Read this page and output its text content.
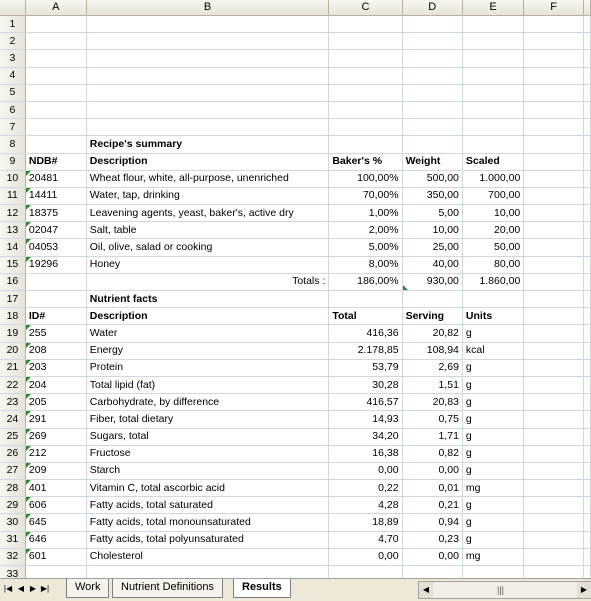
	A	B	C	D	E	F	
1							
2							
3							
4							
5							
6							
7							
8		Recipe's summary					
9	NDB#	Description	Baker's %	Weight	Scaled		
10	20481	Wheat flour, white, all-purpose, unenriched	100,00%	500,00	1.000,00		
11	14411	Water, tap, drinking	70,00%	350,00	700,00		
12	18375	Leavening agents, yeast, baker's, active dry	1,00%	5,00	10,00		
13	02047	Salt, table	2,00%	10,00	20,00		
14	04053	Oil, olive, salad or cooking	5,00%	25,00	50,00		
15	19296	Honey	8,00%	40,00	80,00		
16		Totals :	186,00%	930,00	1.860,00		
17		Nutrient facts					
18	ID#	Description	Total	Serving	Units		
19	255	Water	416,36	20,82	g		
20	208	Energy	2.178,85	108,94	kcal		
21	203	Protein	53,79	2,69	g		
22	204	Total lipid (fat)	30,28	1,51	g		
23	205	Carbohydrate, by difference	416,57	20,83	g		
24	291	Fiber, total dietary	14,93	0,75	g		
25	269	Sugars, total	34,20	1,71	g		
26	212	Fructose	16,38	0,82	g		
27	209	Starch	0,00	0,00	g		
28	401	Vitamin C, total ascorbic acid	0,22	0,01	mg		
29	606	Fatty acids, total saturated	4,28	0,21	g		
30	645	Fatty acids, total monounsaturated	18,89	0,94	g		
31	646	Fatty acids, total polyunsaturated	4,70	0,23	g		
32	601	Cholesterol	0,00	0,00	mg		
33							

|◀ ◀ ▶ ▶|	Work	Nutrient Definitions	Results	◀	|||	▶
